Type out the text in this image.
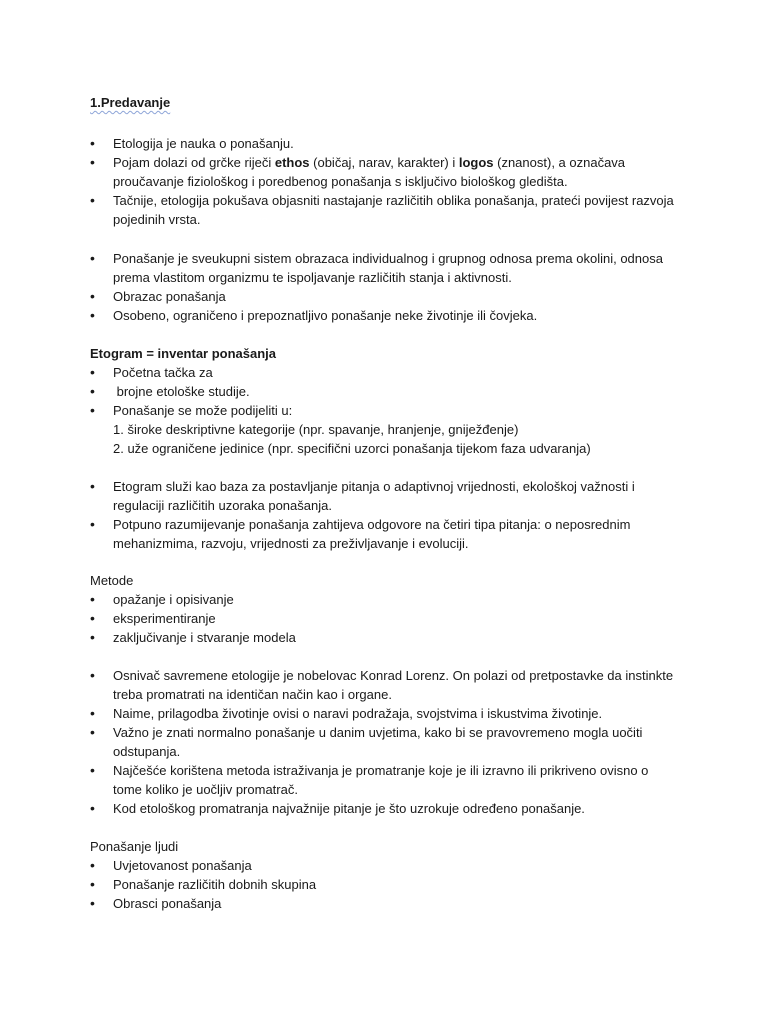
1.Predavanje
• Etologija je nauka o ponašanju.
• Pojam dolazi od grčke riječi ethos (običaj, narav, karakter) i logos (znanost), a označava proučavanje fiziološkog i poredbenog ponašanja s isključivo biološkog gledišta.
• Tačnije, etologija pokušava objasniti nastajanje različitih oblika ponašanja, prateći povijest razvoja pojedinih vrsta.
• Ponašanje je sveukupni sistem obrazaca individualnog i grupnog odnosa prema okolini, odnosa prema vlastitom organizmu te ispoljavanje različitih stanja i aktivnosti.
• Obrazac ponašanja
• Osobeno, ograničeno i prepoznatljivo ponašanje neke životinje ili čovjeka.
Etogram = inventar ponašanja
• Početna tačka za
•  brojne etološke studije.
• Ponašanje se može podijeliti u:
1. široke deskriptivne kategorije (npr. spavanje, hranjenje, gniježđenje)
2. uže ograničene jedinice (npr. specifični uzorci ponašanja tijekom faza udvaranja)
• Etogram služi kao baza za postavljanje pitanja o adaptivnoj vrijednosti, ekološkoj važnosti i regulaciji različitih uzoraka ponašanja.
• Potpuno razumijevanje ponašanja zahtijeva odgovore na četiri tipa pitanja: o neposrednim mehanizmima, razvoju, vrijednosti za preživljavanje i evoluciji.
Metode
• opažanje i opisivanje
• eksperimentiranje
• zaključivanje i stvaranje modela
• Osnivač savremene etologije je nobelovac Konrad Lorenz. On polazi od pretpostavke da instinkte treba promatrati na identičan način kao i organe.
• Naime, prilagodba životinje ovisi o naravi podražaja, svojstvima i iskustvima životinje.
• Važno je znati normalno ponašanje u danim uvjetima, kako bi se pravovremeno mogla uočiti odstupanja.
• Najčešće korištena metoda istraživanja je promatranje koje je ili izravno ili prikriveno ovisno o tome koliko je uočljiv promatrač.
• Kod etološkog promatranja najvažnije pitanje je što uzrokuje određeno ponašanje.
Ponašanje ljudi
• Uvjetovanost ponašanja
• Ponašanje različitih dobnih skupina
• Obrasci ponašanja
